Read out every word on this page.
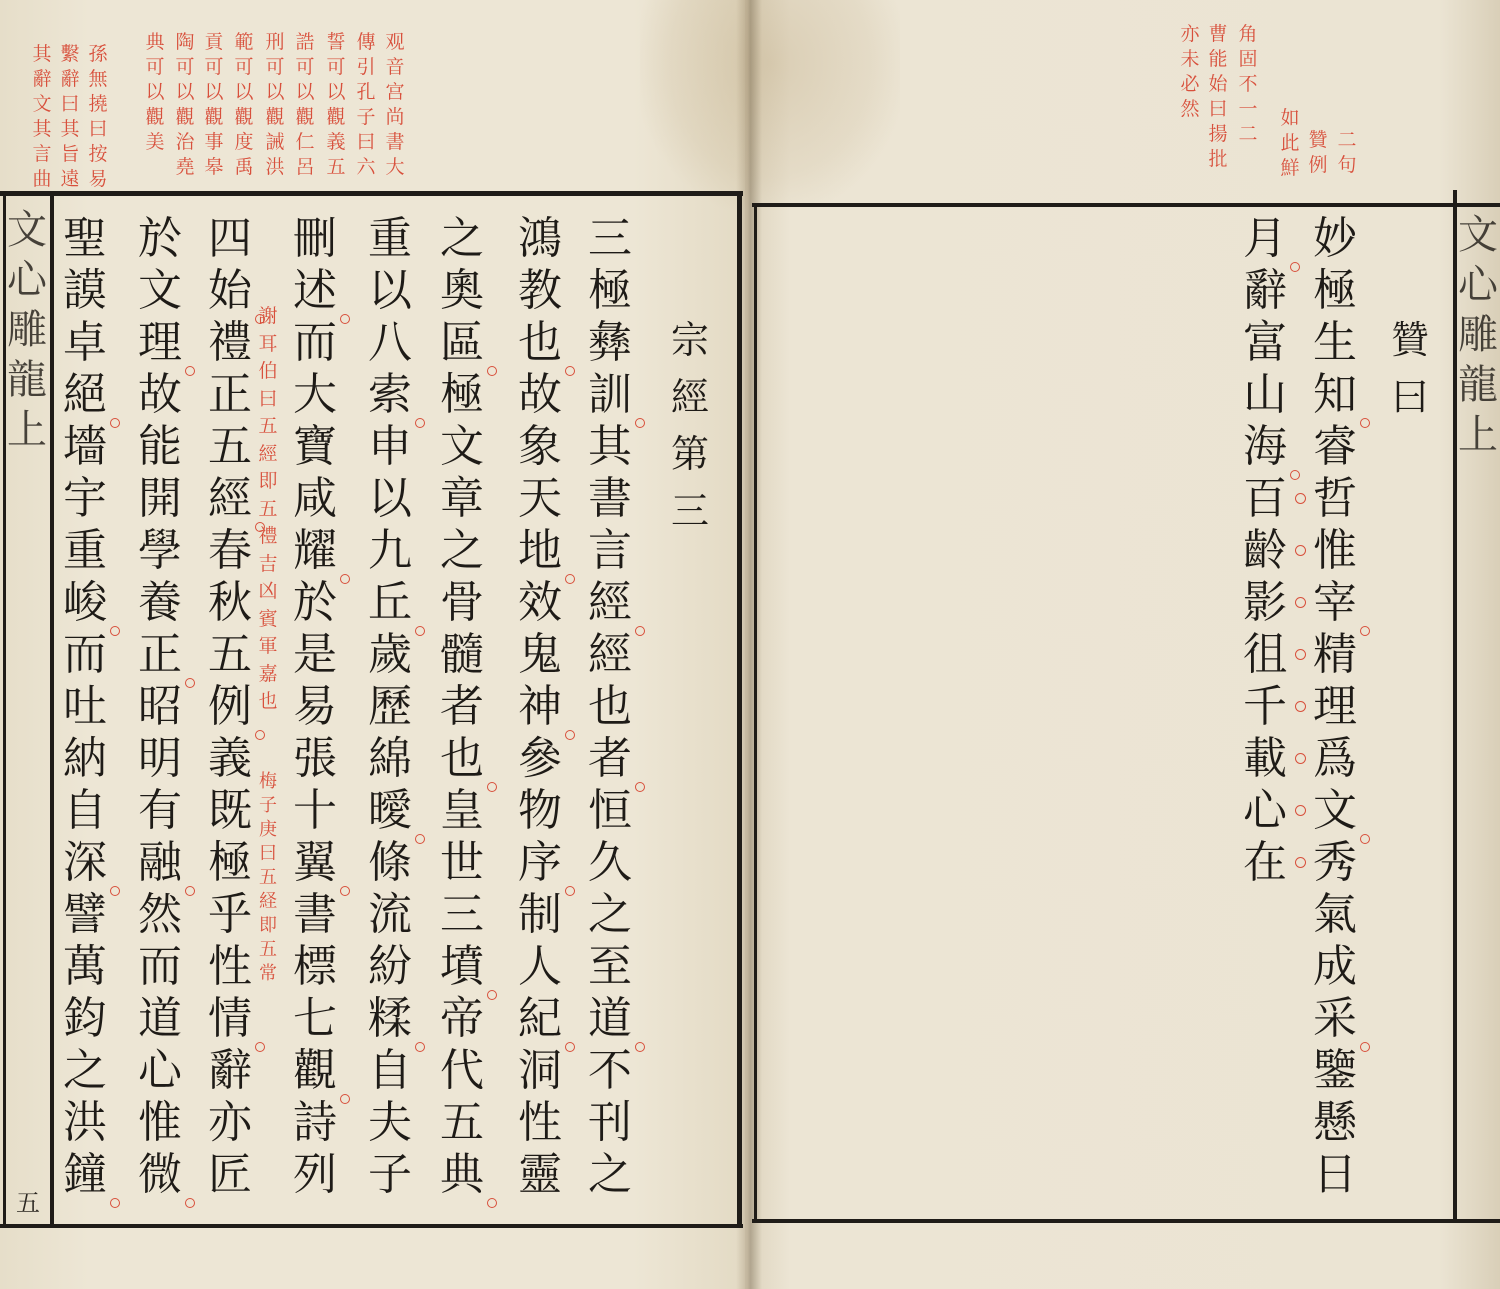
文
心
雕
龍
上
五
观
音
宫
尚
書
大
傳
引
孔
子
曰
六
誓
可
以
觀
義
五
誥
可
以
觀
仁
呂
刑
可
以
觀
誡
洪
範
可
以
觀
度
禹
貢
可
以
觀
事
皋
陶
可
以
觀
治
堯
典
可
以
觀
美
孫
無
撓
曰
按
易
繫
辭
曰
其
旨
遠
其
辭
文
其
言
曲
宗
經
第
三
三
極
彝
訓
其
書
言
經
經
也
者
恒
久
之
至
道
不
刊
之
鴻
教
也
故
象
天
地
效
鬼
神
參
物
序
制
人
紀
洞
性
靈
之
奧
區
極
文
章
之
骨
髓
者
也
皇
世
三
墳
帝
代
五
典
重
以
八
索
申
以
九
丘
歲
歷
綿
曖
條
流
紛
糅
自
夫
子
刪
述
而
大
寶
咸
耀
於
是
易
張
十
翼
書
標
七
觀
詩
列
四
始
禮
正
五
經
春
秋
五
例
義
既
極
乎
性
情
辭
亦
匠
於
文
理
故
能
開
學
養
正
昭
明
有
融
然
而
道
心
惟
微
聖
謨
卓
絕
墻
宇
重
峻
而
吐
納
自
深
譬
萬
鈞
之
洪
鐘
謝
耳
伯
曰
五
經
即
五
禮
吉
凶
賓
軍
嘉
也
梅
子
庚
曰
五
経
即
五
常
二
句
贊
例
如
此
鮮
角
固
不
一
二
曹
能
始
曰
揚
批
亦
未
必
然
文
心
雕
龍
上
贊
曰
妙
極
生
知
睿
哲
惟
宰
精
理
爲
文
秀
氣
成
采
鑒
懸
日
月
辭
富
山
海
百
齡
影
徂
千
載
心
在
